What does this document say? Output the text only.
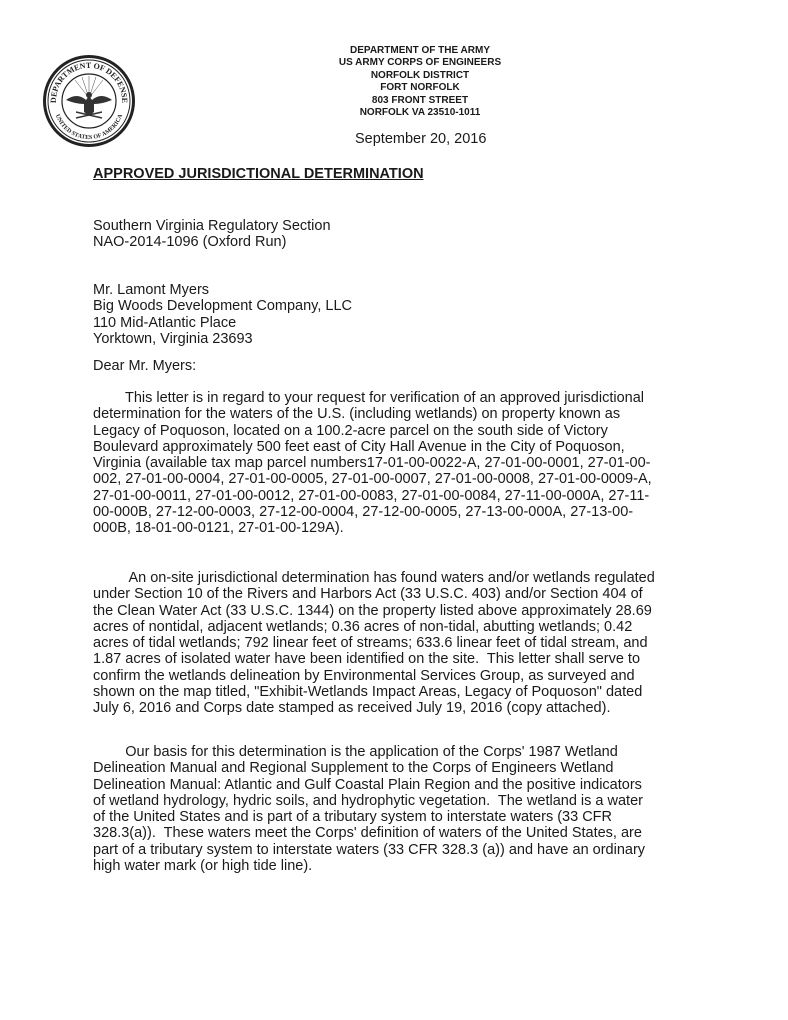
DEPARTMENT OF DEFENSE
UNITED STATES OF AMERICA
DEPARTMENT OF THE ARMY
US ARMY CORPS OF ENGINEERS
NORFOLK DISTRICT
FORT NORFOLK
803 FRONT STREET
NORFOLK VA 23510-1011
September 20, 2016
APPROVED JURISDICTIONAL DETERMINATION
Southern Virginia Regulatory Section
NAO-2014-1096 (Oxford Run)
Mr. Lamont Myers
Big Woods Development Company, LLC
110 Mid-Atlantic Place
Yorktown, Virginia 23693
Dear Mr. Myers:
This letter is in regard to your request for verification of an approved jurisdictional
determination for the waters of the U.S. (including wetlands) on property known as
Legacy of Poquoson, located on a 100.2-acre parcel on the south side of Victory
Boulevard approximately 500 feet east of City Hall Avenue in the City of Poquoson,
Virginia (available tax map parcel numbers17-01-00-0022-A, 27-01-00-0001, 27-01-00-
002, 27-01-00-0004, 27-01-00-0005, 27-01-00-0007, 27-01-00-0008, 27-01-00-0009-A,
27-01-00-0011, 27-01-00-0012, 27-01-00-0083, 27-01-00-0084, 27-11-00-000A, 27-11-
00-000B, 27-12-00-0003, 27-12-00-0004, 27-12-00-0005, 27-13-00-000A, 27-13-00-
000B, 18-01-00-0121, 27-01-00-129A).
An on-site jurisdictional determination has found waters and/or wetlands regulated
under Section 10 of the Rivers and Harbors Act (33 U.S.C. 403) and/or Section 404 of
the Clean Water Act (33 U.S.C. 1344) on the property listed above approximately 28.69
acres of nontidal, adjacent wetlands; 0.36 acres of non-tidal, abutting wetlands; 0.42
acres of tidal wetlands; 792 linear feet of streams; 633.6 linear feet of tidal stream, and
1.87 acres of isolated water have been identified on the site.  This letter shall serve to
confirm the wetlands delineation by Environmental Services Group, as surveyed and
shown on the map titled, "Exhibit-Wetlands Impact Areas, Legacy of Poquoson" dated
July 6, 2016 and Corps date stamped as received July 19, 2016 (copy attached).
Our basis for this determination is the application of the Corps' 1987 Wetland
Delineation Manual and Regional Supplement to the Corps of Engineers Wetland
Delineation Manual: Atlantic and Gulf Coastal Plain Region and the positive indicators
of wetland hydrology, hydric soils, and hydrophytic vegetation.  The wetland is a water
of the United States and is part of a tributary system to interstate waters (33 CFR
328.3(a)).  These waters meet the Corps' definition of waters of the United States, are
part of a tributary system to interstate waters (33 CFR 328.3 (a)) and have an ordinary
high water mark (or high tide line).
